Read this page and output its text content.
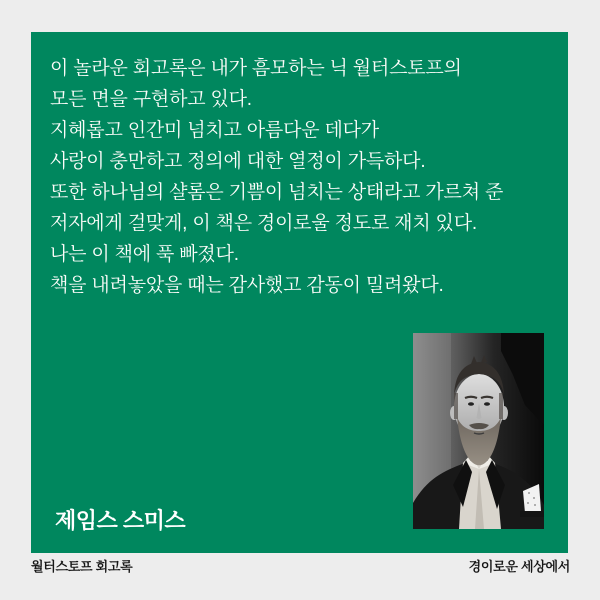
이 놀라운 회고록은 내가 흠모하는 닉 월터스토프의
모든 면을 구현하고 있다.
지혜롭고 인간미 넘치고 아름다운 데다가
사랑이 충만하고 정의에 대한 열정이 가득하다.
또한 하나님의 샬롬은 기쁨이 넘치는 상태라고 가르쳐 준
저자에게 걸맞게, 이 책은 경이로울 정도로 재치 있다.
나는 이 책에 푹 빠졌다.
책을 내려놓았을 때는 감사했고 감동이 밀려왔다.
제임스 스미스
월터스토프 회고록	경이로운 세상에서
